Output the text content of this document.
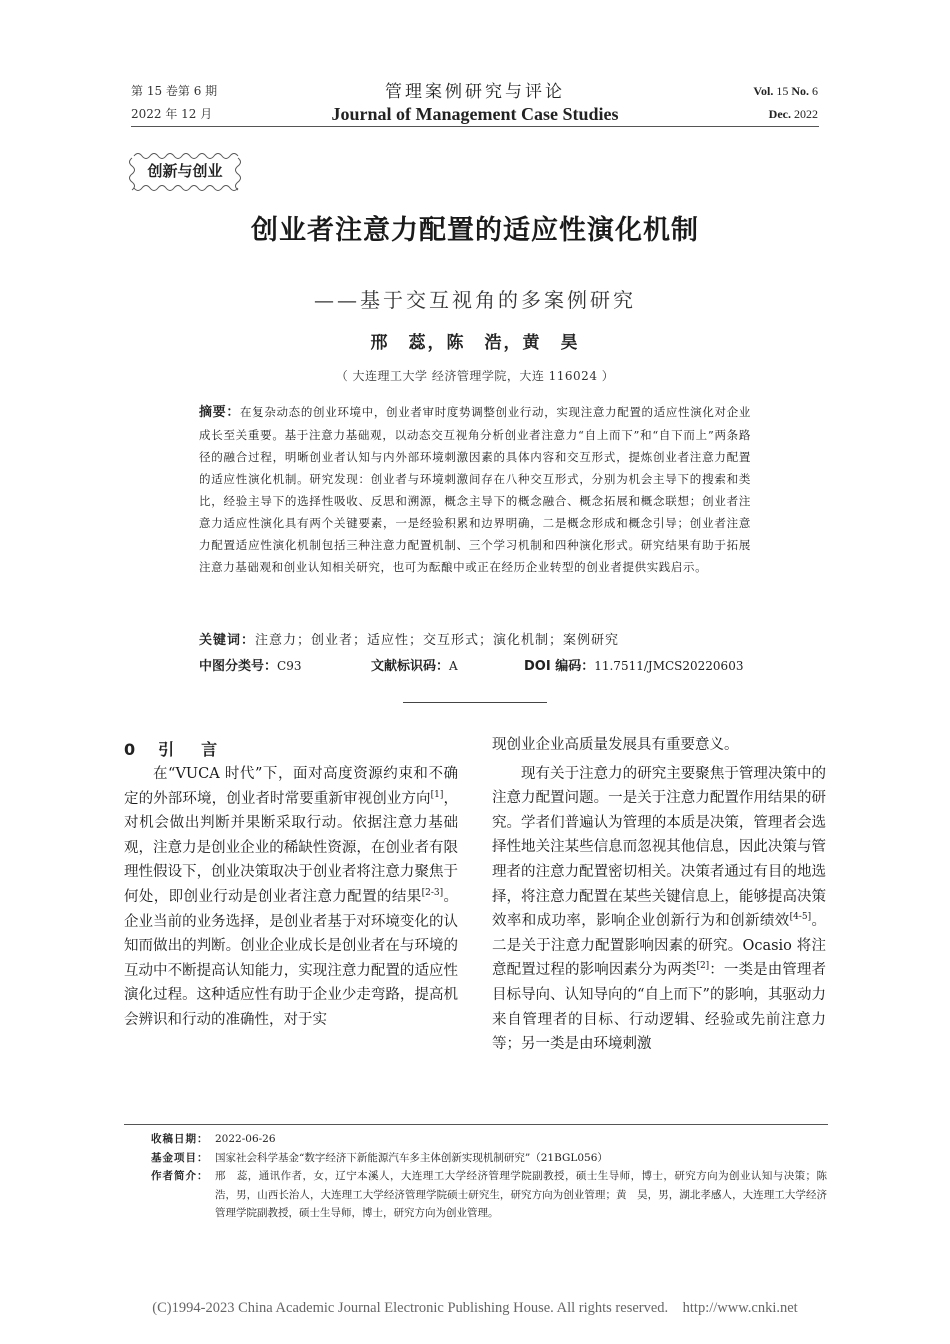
第 15 卷第 6 期
2022 年 12 月
管理案例研究与评论
Journal of Management Case Studies
Vol. 15 No. 6
Dec. 2022
创新与创业
创业者注意力配置的适应性演化机制
——基于交互视角的多案例研究
邢　蕊，陈　浩，黄　昊
（ 大连理工大学 经济管理学院，大连 116024 ）
摘要：在复杂动态的创业环境中，创业者审时度势调整创业行动，实现注意力配置的适应性演化对企业成长至关重要。基于注意力基础观，以动态交互视角分析创业者注意力“自上而下”和“自下而上”两条路径的融合过程，明晰创业者认知与内外部环境刺激因素的具体内容和交互形式，提炼创业者注意力配置的适应性演化机制。研究发现：创业者与环境刺激间存在八种交互形式，分别为机会主导下的搜索和类比，经验主导下的选择性吸收、反思和溯源，概念主导下的概念融合、概念拓展和概念联想；创业者注意力适应性演化具有两个关键要素，一是经验积累和边界明确，二是概念形成和概念引导；创业者注意力配置适应性演化机制包括三种注意力配置机制、三个学习机制和四种演化形式。研究结果有助于拓展注意力基础观和创业认知相关研究，也可为酝酿中或正在经历企业转型的创业者提供实践启示。
关键词：注意力；创业者；适应性；交互形式；演化机制；案例研究
中图分类号：C93	文献标识码：A	DOI 编码：11.7511/JMCS20220603
0 引 言

在“VUCA 时代”下，面对高度资源约束和不确定的外部环境，创业者时常要重新审视创业方向[1]，对机会做出判断并果断采取行动。依据注意力基础观，注意力是创业企业的稀缺性资源，在创业者有限理性假设下，创业决策取决于创业者将注意力聚焦于何处，即创业行动是创业者注意力配置的结果[2-3]。企业当前的业务选择，是创业者基于对环境变化的认知而做出的判断。创业企业成长是创业者在与环境的互动中不断提高认知能力，实现注意力配置的适应性演化过程。这种适应性有助于企业少走弯路，提高机会辨识和行动的准确性，对于实

现创业企业高质量发展具有重要意义。

现有关于注意力的研究主要聚焦于管理决策中的注意力配置问题。一是关于注意力配置作用结果的研究。学者们普遍认为管理的本质是决策，管理者会选择性地关注某些信息而忽视其他信息，因此决策与管理者的注意力配置密切相关。决策者通过有目的地选择，将注意力配置在某些关键信息上，能够提高决策效率和成功率，影响企业创新行为和创新绩效[4-5]。二是关于注意力配置影响因素的研究。Ocasio 将注意配置过程的影响因素分为两类[2]：一类是由管理者目标导向、认知导向的“自上而下”的影响，其驱动力来自管理者的目标、行动逻辑、经验或先前注意力等；另一类是由环境刺激

收稿日期： 2022-06-26
基金项目： 国家社会科学基金“数字经济下新能源汽车多主体创新实现机制研究”（21BGL056）
作者简介： 邢　蕊，通讯作者，女，辽宁本溪人，大连理工大学经济管理学院副教授，硕士生导师，博士，研究方向为创业认知与决策；陈　浩，男，山西长治人，大连理工大学经济管理学院硕士研究生，研究方向为创业管理；黄　昊，男，湖北孝感人，大连理工大学经济管理学院副教授，硕士生导师，博士，研究方向为创业管理。
(C)1994-2023 China Academic Journal Electronic Publishing House. All rights reserved.　http://www.cnki.net
